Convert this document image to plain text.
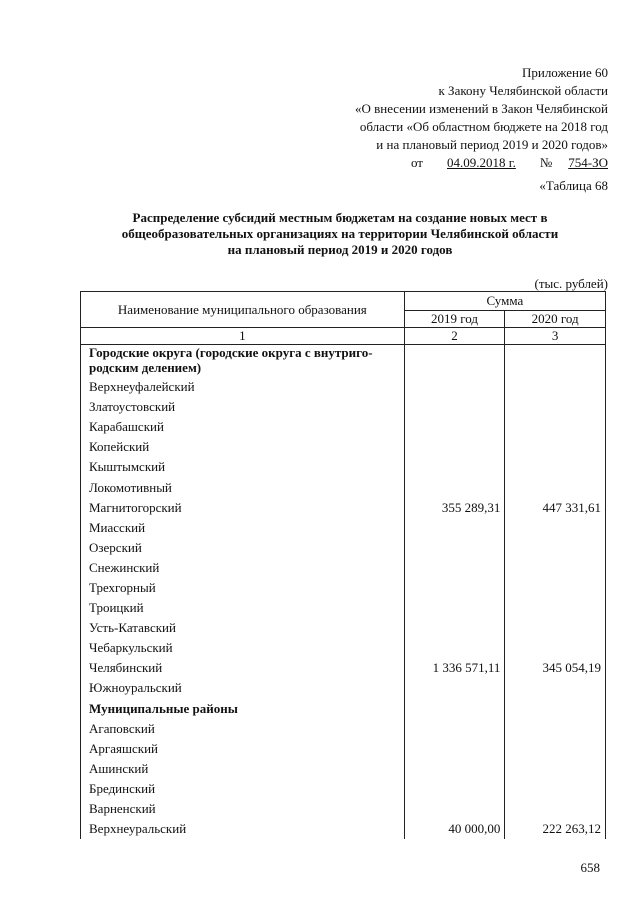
Приложение 60
к Закону Челябинской области
«О внесении изменений в Закон Челябинской
области «Об областном бюджете на 2018 год
и на плановый период 2019 и 2020 годов»
от 04.09.2018 г. № 754-ЗО
«Таблица 68
Распределение субсидий местным бюджетам на создание новых мест в
общеобразовательных организациях на территории Челябинской области
на плановый период 2019 и 2020 годов
(тыс. рублей)
Наименование муниципального образования	Сумма	
	2019 год	2020 год
1	2	3
Городские округа (городские округа с внутриго-родским делением)		
Верхнеуфалейский		
Златоустовский		
Карабашский		
Копейский		
Кыштымский		
Локомотивный		
Магнитогорский	355 289,31	447 331,61
Миасский		
Озерский		
Снежинский		
Трехгорный		
Троицкий		
Усть-Катавский		
Чебаркульский		
Челябинский	1 336 571,11	345 054,19
Южноуральский		
Муниципальные районы		
Агаповский		
Аргаяшский		
Ашинский		
Брединский		
Варненский		
Верхнеуральский	40 000,00	222 263,12
658
